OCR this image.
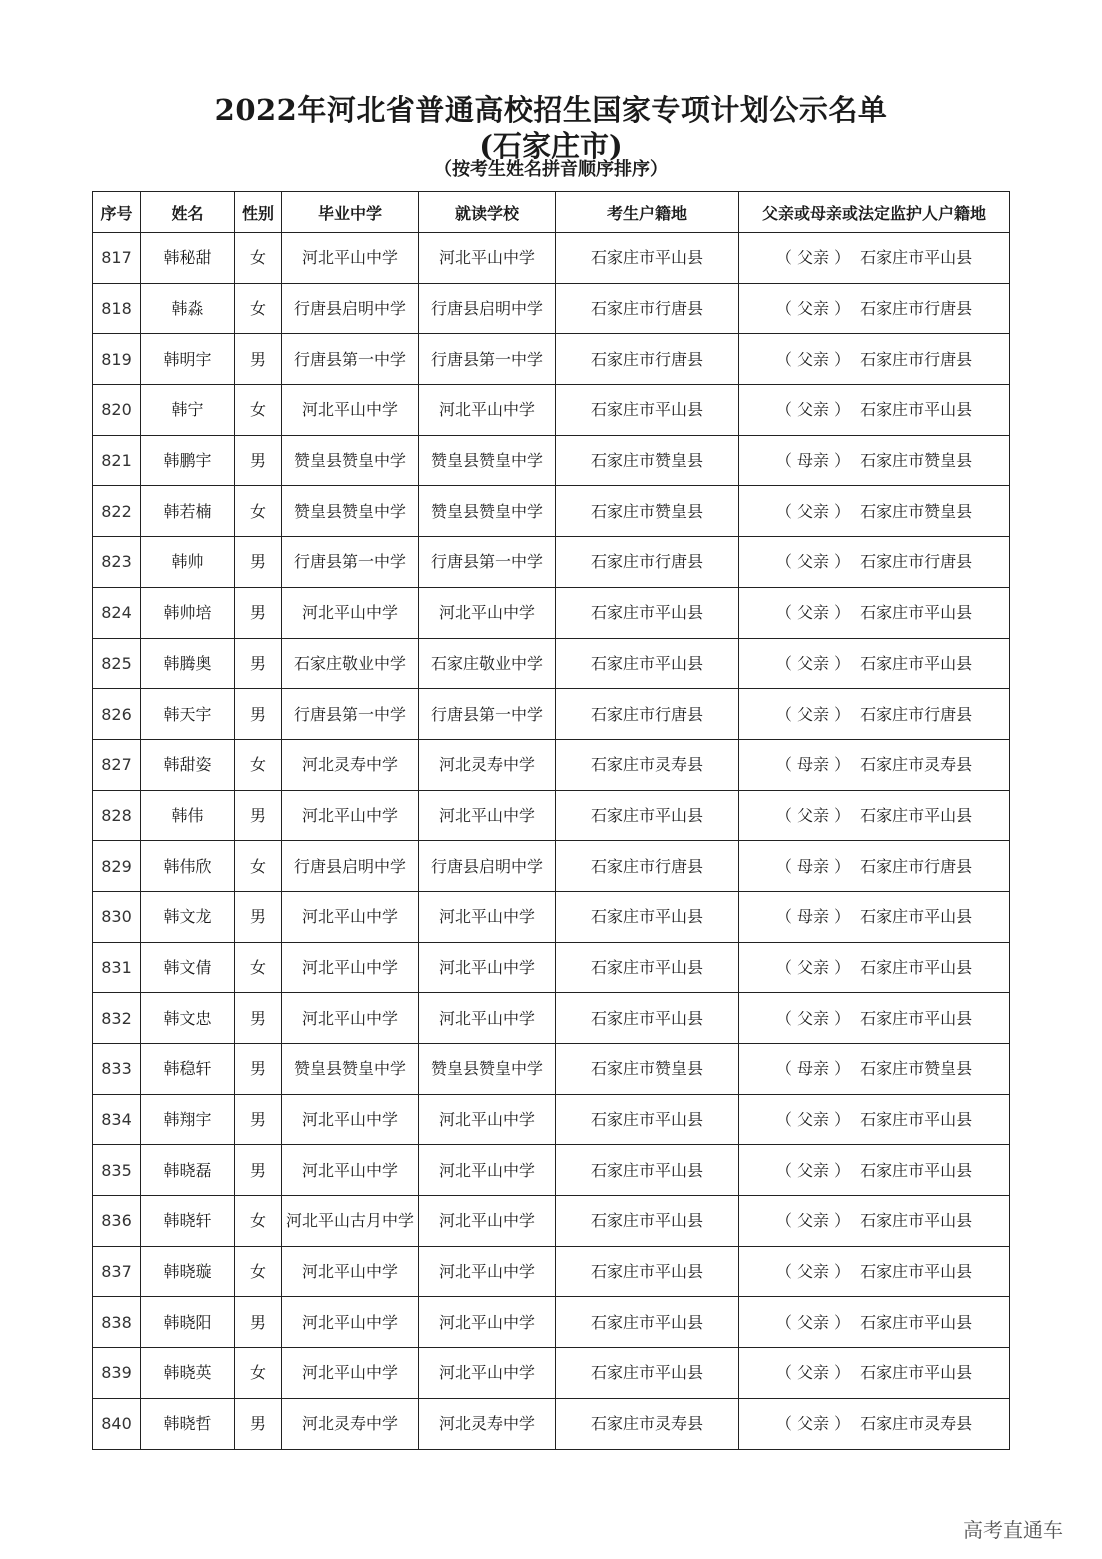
2022年河北省普通高校招生国家专项计划公示名单
(石家庄市)
（按考生姓名拼音顺序排序）
序号	姓名	性别	毕业中学	就读学校	考生户籍地	父亲或母亲或法定监护人户籍地
817	韩秘甜	女	河北平山中学	河北平山中学	石家庄市平山县	（ 父亲 ） 石家庄市平山县
818	韩淼	女	行唐县启明中学	行唐县启明中学	石家庄市行唐县	（ 父亲 ） 石家庄市行唐县
819	韩明宇	男	行唐县第一中学	行唐县第一中学	石家庄市行唐县	（ 父亲 ） 石家庄市行唐县
820	韩宁	女	河北平山中学	河北平山中学	石家庄市平山县	（ 父亲 ） 石家庄市平山县
821	韩鹏宇	男	赞皇县赞皇中学	赞皇县赞皇中学	石家庄市赞皇县	（ 母亲 ） 石家庄市赞皇县
822	韩若楠	女	赞皇县赞皇中学	赞皇县赞皇中学	石家庄市赞皇县	（ 父亲 ） 石家庄市赞皇县
823	韩帅	男	行唐县第一中学	行唐县第一中学	石家庄市行唐县	（ 父亲 ） 石家庄市行唐县
824	韩帅培	男	河北平山中学	河北平山中学	石家庄市平山县	（ 父亲 ） 石家庄市平山县
825	韩腾奥	男	石家庄敬业中学	石家庄敬业中学	石家庄市平山县	（ 父亲 ） 石家庄市平山县
826	韩天宇	男	行唐县第一中学	行唐县第一中学	石家庄市行唐县	（ 父亲 ） 石家庄市行唐县
827	韩甜姿	女	河北灵寿中学	河北灵寿中学	石家庄市灵寿县	（ 母亲 ） 石家庄市灵寿县
828	韩伟	男	河北平山中学	河北平山中学	石家庄市平山县	（ 父亲 ） 石家庄市平山县
829	韩伟欣	女	行唐县启明中学	行唐县启明中学	石家庄市行唐县	（ 母亲 ） 石家庄市行唐县
830	韩文龙	男	河北平山中学	河北平山中学	石家庄市平山县	（ 母亲 ） 石家庄市平山县
831	韩文倩	女	河北平山中学	河北平山中学	石家庄市平山县	（ 父亲 ） 石家庄市平山县
832	韩文忠	男	河北平山中学	河北平山中学	石家庄市平山县	（ 父亲 ） 石家庄市平山县
833	韩稳轩	男	赞皇县赞皇中学	赞皇县赞皇中学	石家庄市赞皇县	（ 母亲 ） 石家庄市赞皇县
834	韩翔宇	男	河北平山中学	河北平山中学	石家庄市平山县	（ 父亲 ） 石家庄市平山县
835	韩晓磊	男	河北平山中学	河北平山中学	石家庄市平山县	（ 父亲 ） 石家庄市平山县
836	韩晓轩	女	河北平山古月中学	河北平山中学	石家庄市平山县	（ 父亲 ） 石家庄市平山县
837	韩晓璇	女	河北平山中学	河北平山中学	石家庄市平山县	（ 父亲 ） 石家庄市平山县
838	韩晓阳	男	河北平山中学	河北平山中学	石家庄市平山县	（ 父亲 ） 石家庄市平山县
839	韩晓英	女	河北平山中学	河北平山中学	石家庄市平山县	（ 父亲 ） 石家庄市平山县
840	韩晓哲	男	河北灵寿中学	河北灵寿中学	石家庄市灵寿县	（ 父亲 ） 石家庄市灵寿县
高考直通车
